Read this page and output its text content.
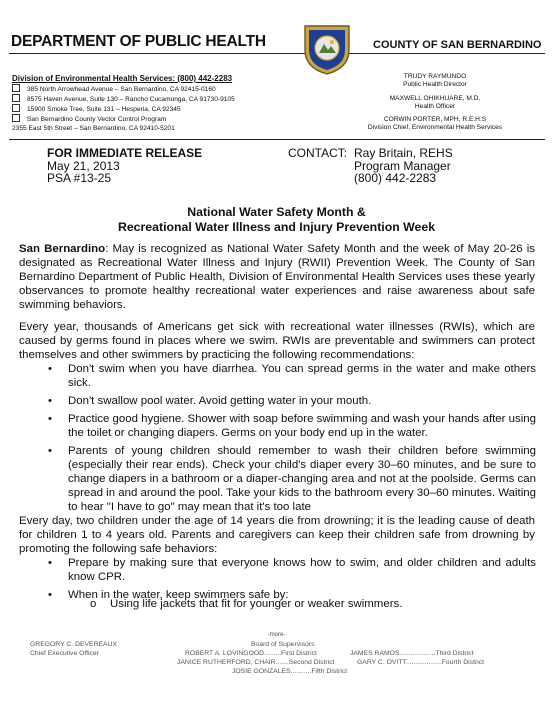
DEPARTMENT OF PUBLIC HEALTH	COUNTY OF SAN BERNARDINO
Division of Environmental Health Services: (800) 442-2283
385 North Arrowhead Avenue – San Bernardino, CA 92415-0160
8575 Haven Avenue, Suite 130 – Rancho Cucamonga, CA 91730-9105
15900 Smoke Tree, Suite 131 – Hesperia, CA 92345
San Bernardino County Vector Control Program
2355 East 5th Street – San Bernardino, CA 92410-5201
TRUDY RAYMUNDO
Public Health Director
MAXWELL OHIKHUARE, M.D.
Health Officer
CORWIN PORTER, MPH, R.E.H.S
Division Chief, Environmental Health Services
FOR IMMEDIATE RELEASE
May 21, 2013
PSA #13-25
CONTACT: Ray Britain, REHS
Program Manager
(800) 442-2283
National Water Safety Month &
Recreational Water Illness and Injury Prevention Week
San Bernardino: May is recognized as National Water Safety Month and the week of May 20-26 is designated as Recreational Water Illness and Injury (RWII) Prevention Week. The County of San Bernardino Department of Public Health, Division of Environmental Health Services uses these yearly observances to promote healthy recreational water experiences and raise awareness about safe swimming behaviors.
Every year, thousands of Americans get sick with recreational water illnesses (RWIs), which are caused by germs found in places where we swim. RWIs are preventable and swimmers can protect themselves and other swimmers by practicing the following recommendations:
• Don't swim when you have diarrhea. You can spread germs in the water and make others sick.
• Don't swallow pool water. Avoid getting water in your mouth.
• Practice good hygiene. Shower with soap before swimming and wash your hands after using the toilet or changing diapers. Germs on your body end up in the water.
• Parents of young children should remember to wash their children before swimming (especially their rear ends). Check your child's diaper every 30–60 minutes, and be sure to change diapers in a bathroom or a diaper-changing area and not at the poolside. Germs can spread in and around the pool. Take your kids to the bathroom every 30–60 minutes. Waiting to hear "I have to go" may mean that it's too late
Every day, two children under the age of 14 years die from drowning; it is the leading cause of death for children 1 to 4 years old. Parents and caregivers can keep their children safe from drowning by promoting the following safe behaviors:
• Prepare by making sure that everyone knows how to swim, and older children and adults know CPR.
• When in the water, keep swimmers safe by:
o Using life jackets that fit for younger or weaker swimmers.
-more-
GREGORY C. DEVEREAUX
Chief Executive Officer
Board of Supervisors
ROBERT A. LOVINGOOD.........First District
JANICE RUTHERFORD, CHAIR.......Second District
JOSIE GONZALES...........Fifth District
JAMES RAMOS...................Third District
GARY C. OVITT...................Fourth District
